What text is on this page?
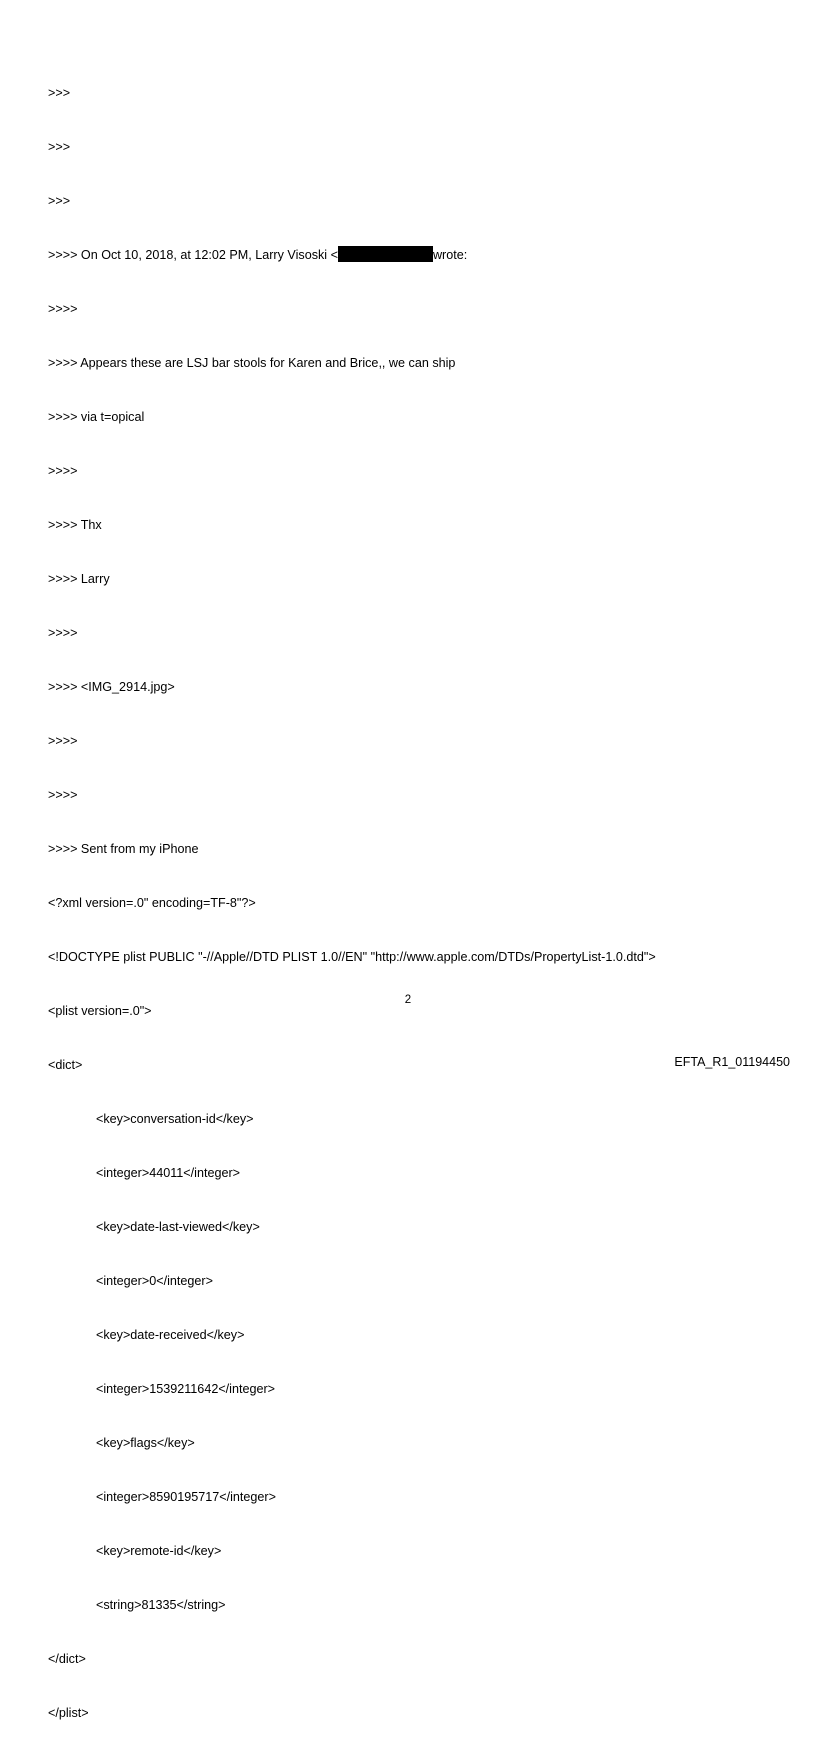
>>>

>>>

>>>

>>>> On Oct 10, 2018, at 12:02 PM, Larry Visoski <	wrote:

>>>>

>>>> Appears these are LSJ bar stools for Karen and Brice,, we can ship

>>>> via t=opical

>>>>

>>>> Thx

>>>> Larry

>>>>

>>>> <IMG_2914.jpg>

>>>>

>>>>

>>>> Sent from my iPhone

<?xml version=.0" encoding=TF-8"?>

<!DOCTYPE plist PUBLIC "-//Apple//DTD PLIST 1.0//EN" "http://www.apple.com/DTDs/PropertyList-1.0.dtd">

<plist version=.0">

<dict>

<key>conversation-id</key>

<integer>44011</integer>

<key>date-last-viewed</key>

<integer>0</integer>

<key>date-received</key>

<integer>1539211642</integer>

<key>flags</key>

<integer>8590195717</integer>

<key>remote-id</key>

<string>81335</string>

</dict>

</plist>

2
EFTA_R1_01194450
